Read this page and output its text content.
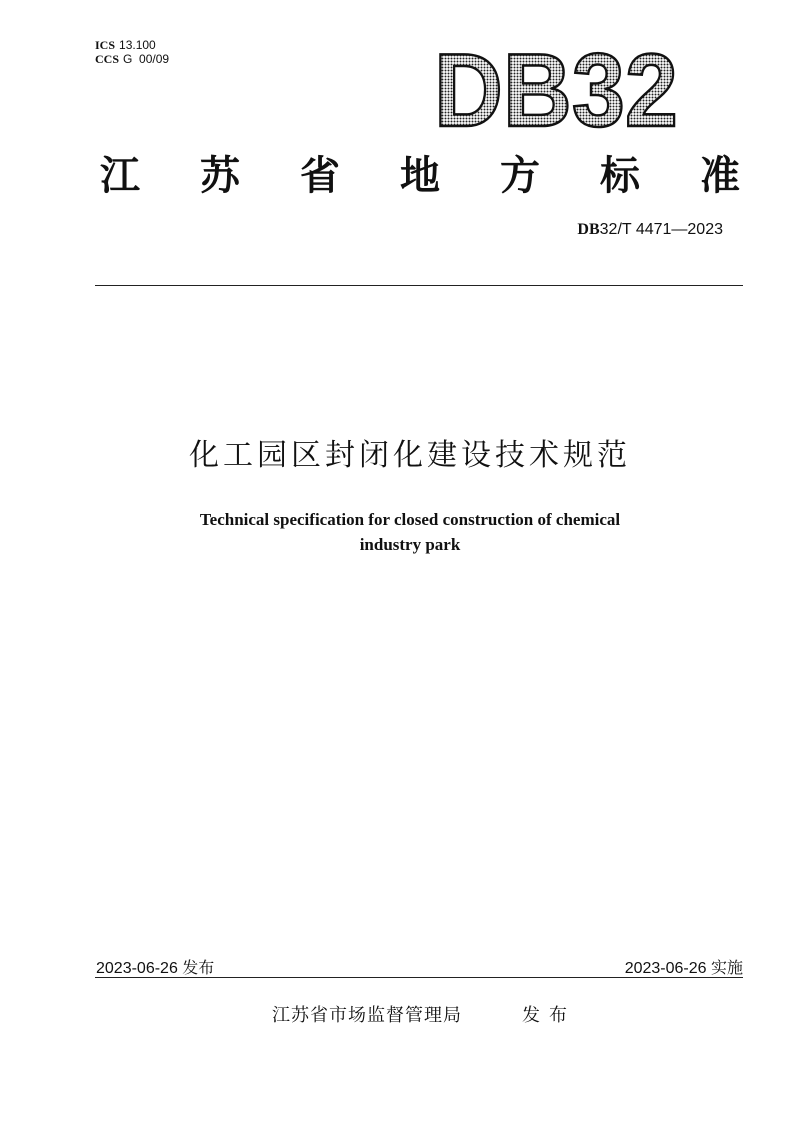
ICS 13.100
CCS G  00/09	DB32
江 苏 省 地 方 标 准
DB32/T 4471—2023
化工园区封闭化建设技术规范
Technical specification for closed construction of chemical
industry park
2023-06-26 发布	2023-06-26 实施
江苏省市场监督管理局	发布
